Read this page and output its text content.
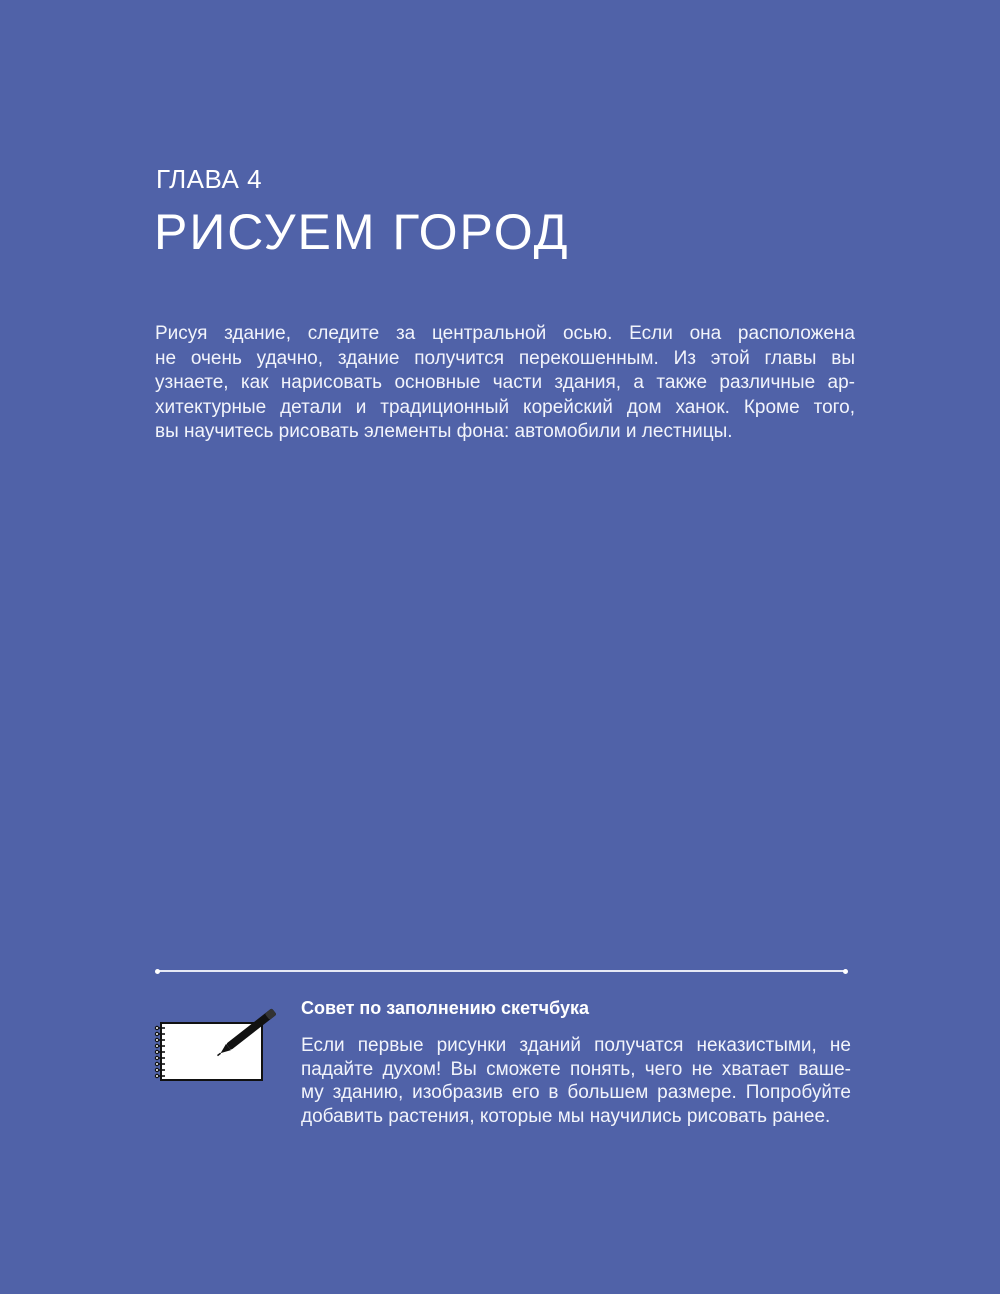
ГЛАВА 4
РИСУЕМ ГОРОД
Рисуя здание, следите за центральной осью. Если она расположена
не очень удачно, здание получится перекошенным. Из этой главы вы
узнаете, как нарисовать основные части здания, а также различные ар-
хитектурные детали и традиционный корейский дом ханок. Кроме того,
вы научитесь рисовать элементы фона: автомобили и лестницы.
Совет по заполнению скетчбука
Если первые рисунки зданий получатся неказистыми, не
падайте духом! Вы сможете понять, чего не хватает ваше-
му зданию, изобразив его в большем размере. Попробуйте
добавить растения, которые мы научились рисовать ранее.
